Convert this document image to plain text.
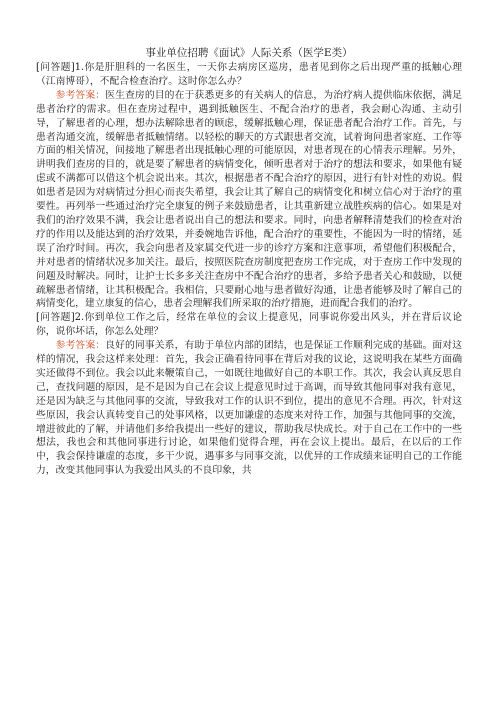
事业单位招聘《面试》人际关系（医学E类）

[问答题]1.你是肝胆科的一名医生，一天你去病房区巡房，患者见到你之后出现严重的抵触心理（江南博哥），不配合检查治疗。这时你怎么办？

参考答案：医生查房的目的在于获悉更多的有关病人的信息，为治疗病人提供临床依据，满足患者治疗的需求。但在查房过程中，遇到抵触医生、不配合治疗的患者，我会耐心沟通、主动引导，了解患者的心理，想办法解除患者的顾虑，缓解抵触心理，保证患者配合治疗工作。首先，与患者沟通交流，缓解患者抵触情绪。以轻松的聊天的方式跟患者交流，试着询问患者家庭、工作等方面的相关情况，间接地了解患者出现抵触心理的可能原因，对患者现在的心情表示理解。另外，讲明我们查房的目的，就是要了解患者的病情变化，倾听患者对于治疗的想法和要求，如果他有疑虑或不满都可以借这个机会说出来。其次，根据患者不配合治疗的原因，进行有针对性的劝说。假如患者是因为对病情过分担心而丧失希望，我会让其了解自己的病情变化和树立信心对于治疗的重要性。再列举一些通过治疗完全康复的例子来鼓励患者，让其重新建立战胜疾病的信心。如果是对我们的治疗效果不满，我会让患者说出自己的想法和要求。同时，向患者解释清楚我们的检查对治疗的作用以及能达到的治疗效果，并委婉地告诉他，配合治疗的重要性，不能因为一时的情绪，延误了治疗时间。再次，我会向患者及家属交代进一步的诊疗方案和注意事项，希望他们积极配合，并对患者的情绪状况多加关注。最后，按照医院查房制度把查房工作完成，对于查房工作中发现的问题及时解决。同时，让护士长多多关注查房中不配合治疗的患者，多给予患者关心和鼓励，以便疏解患者情绪，让其积极配合。我相信，只要耐心地与患者做好沟通，让患者能够及时了解自己的病情变化，建立康复的信心，患者会理解我们所采取的治疗措施，进而配合我们的治疗。

[问答题]2.你到单位工作之后，经常在单位的会议上提意见，同事说你爱出风头，并在背后议论你，说你坏话，你怎么处理？

参考答案：良好的同事关系，有助于单位内部的团结，也是保证工作顺利完成的基础。面对这样的情况，我会这样来处理：首先，我会正确看待同事在背后对我的议论，这说明我在某些方面确实还做得不到位。我会以此来鞭策自己，一如既往地做好自己的本职工作。其次，我会认真反思自己，查找问题的原因，是不是因为自己在会议上提意见时过于高调，而导致其他同事对我有意见，还是因为缺乏与其他同事的交流，导致我对工作的认识不到位，提出的意见不合理。再次，针对这些原因，我会认真转变自己的处事风格，以更加谦虚的态度来对待工作，加强与其他同事的交流，增进彼此的了解，并请他们多给我提出一些好的建议，帮助我尽快成长。对于自己在工作中的一些想法，我也会和其他同事进行讨论，如果他们觉得合理，再在会议上提出。最后，在以后的工作中，我会保持谦虚的态度，多干少说，遇事多与同事交流，以优异的工作成绩来证明自己的工作能力，改变其他同事认为我爱出风头的不良印象，共
